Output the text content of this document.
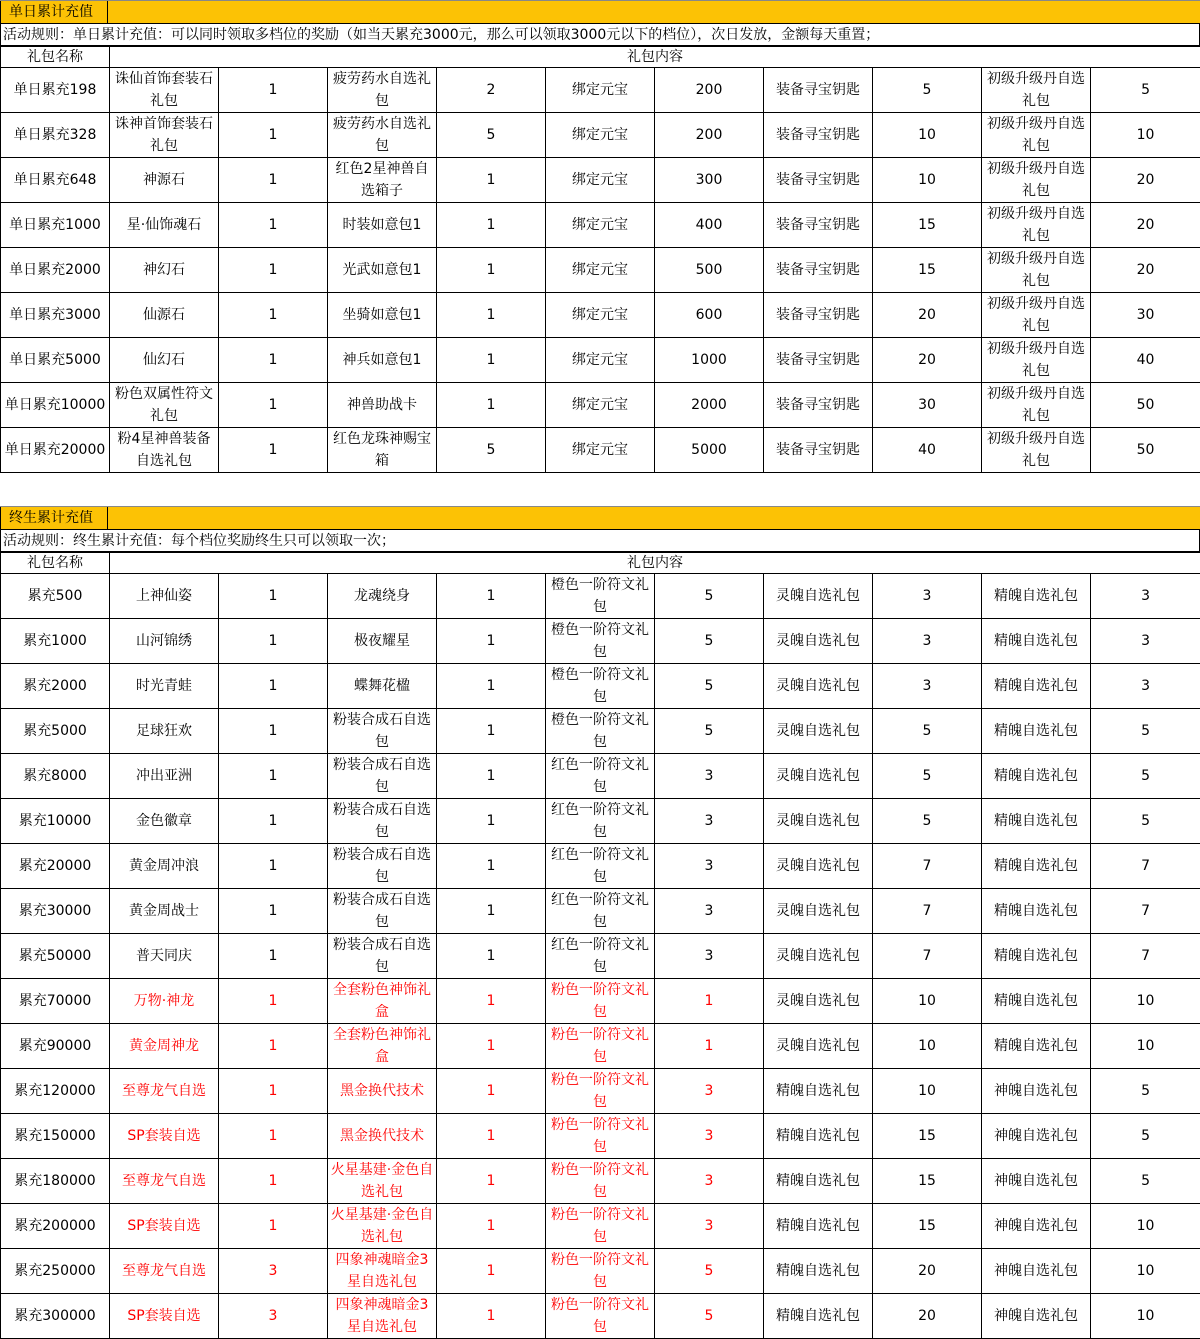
单日累计充值
活动规则：单日累计充值：可以同时领取多档位的奖励（如当天累充3000元，那么可以领取3000元以下的档位），次日发放，金额每天重置；
礼包名称	礼包内容									
单日累充198	诛仙首饰套装石礼包	1	疲劳药水自选礼包	2	绑定元宝	200	装备寻宝钥匙	5	初级升级丹自选礼包	5
单日累充328	诛神首饰套装石礼包	1	疲劳药水自选礼包	5	绑定元宝	200	装备寻宝钥匙	10	初级升级丹自选礼包	10
单日累充648	神源石	1	红色2星神兽自选箱子	1	绑定元宝	300	装备寻宝钥匙	10	初级升级丹自选礼包	20
单日累充1000	星·仙饰魂石	1	时装如意包1	1	绑定元宝	400	装备寻宝钥匙	15	初级升级丹自选礼包	20
单日累充2000	神幻石	1	光武如意包1	1	绑定元宝	500	装备寻宝钥匙	15	初级升级丹自选礼包	20
单日累充3000	仙源石	1	坐骑如意包1	1	绑定元宝	600	装备寻宝钥匙	20	初级升级丹自选礼包	30
单日累充5000	仙幻石	1	神兵如意包1	1	绑定元宝	1000	装备寻宝钥匙	20	初级升级丹自选礼包	40
单日累充10000	粉色双属性符文礼包	1	神兽助战卡	1	绑定元宝	2000	装备寻宝钥匙	30	初级升级丹自选礼包	50
单日累充20000	粉4星神兽装备自选礼包	1	红色龙珠神赐宝箱	5	绑定元宝	5000	装备寻宝钥匙	40	初级升级丹自选礼包	50
终生累计充值
活动规则：终生累计充值：每个档位奖励终生只可以领取一次；
礼包名称	礼包内容									
累充500	上神仙姿	1	龙魂绕身	1	橙色一阶符文礼包	5	灵魄自选礼包	3	精魄自选礼包	3
累充1000	山河锦绣	1	极夜耀星	1	橙色一阶符文礼包	5	灵魄自选礼包	3	精魄自选礼包	3
累充2000	时光青蛙	1	蝶舞花楹	1	橙色一阶符文礼包	5	灵魄自选礼包	3	精魄自选礼包	3
累充5000	足球狂欢	1	粉装合成石自选包	1	橙色一阶符文礼包	5	灵魄自选礼包	5	精魄自选礼包	5
累充8000	冲出亚洲	1	粉装合成石自选包	1	红色一阶符文礼包	3	灵魄自选礼包	5	精魄自选礼包	5
累充10000	金色徽章	1	粉装合成石自选包	1	红色一阶符文礼包	3	灵魄自选礼包	5	精魄自选礼包	5
累充20000	黄金周冲浪	1	粉装合成石自选包	1	红色一阶符文礼包	3	灵魄自选礼包	7	精魄自选礼包	7
累充30000	黄金周战士	1	粉装合成石自选包	1	红色一阶符文礼包	3	灵魄自选礼包	7	精魄自选礼包	7
累充50000	普天同庆	1	粉装合成石自选包	1	红色一阶符文礼包	3	灵魄自选礼包	7	精魄自选礼包	7
累充70000	万物·神龙	1	全套粉色神饰礼盒	1	粉色一阶符文礼包	1	灵魄自选礼包	10	精魄自选礼包	10
累充90000	黄金周神龙	1	全套粉色神饰礼盒	1	粉色一阶符文礼包	1	灵魄自选礼包	10	精魄自选礼包	10
累充120000	至尊龙气自选	1	黑金换代技术	1	粉色一阶符文礼包	3	精魄自选礼包	10	神魄自选礼包	5
累充150000	SP套装自选	1	黑金换代技术	1	粉色一阶符文礼包	3	精魄自选礼包	15	神魄自选礼包	5
累充180000	至尊龙气自选	1	火星基建·金色自选礼包	1	粉色一阶符文礼包	3	精魄自选礼包	15	神魄自选礼包	5
累充200000	SP套装自选	1	火星基建·金色自选礼包	1	粉色一阶符文礼包	3	精魄自选礼包	15	神魄自选礼包	10
累充250000	至尊龙气自选	3	四象神魂暗金3星自选礼包	1	粉色一阶符文礼包	5	精魄自选礼包	20	神魄自选礼包	10
累充300000	SP套装自选	3	四象神魂暗金3星自选礼包	1	粉色一阶符文礼包	5	精魄自选礼包	20	神魄自选礼包	10
